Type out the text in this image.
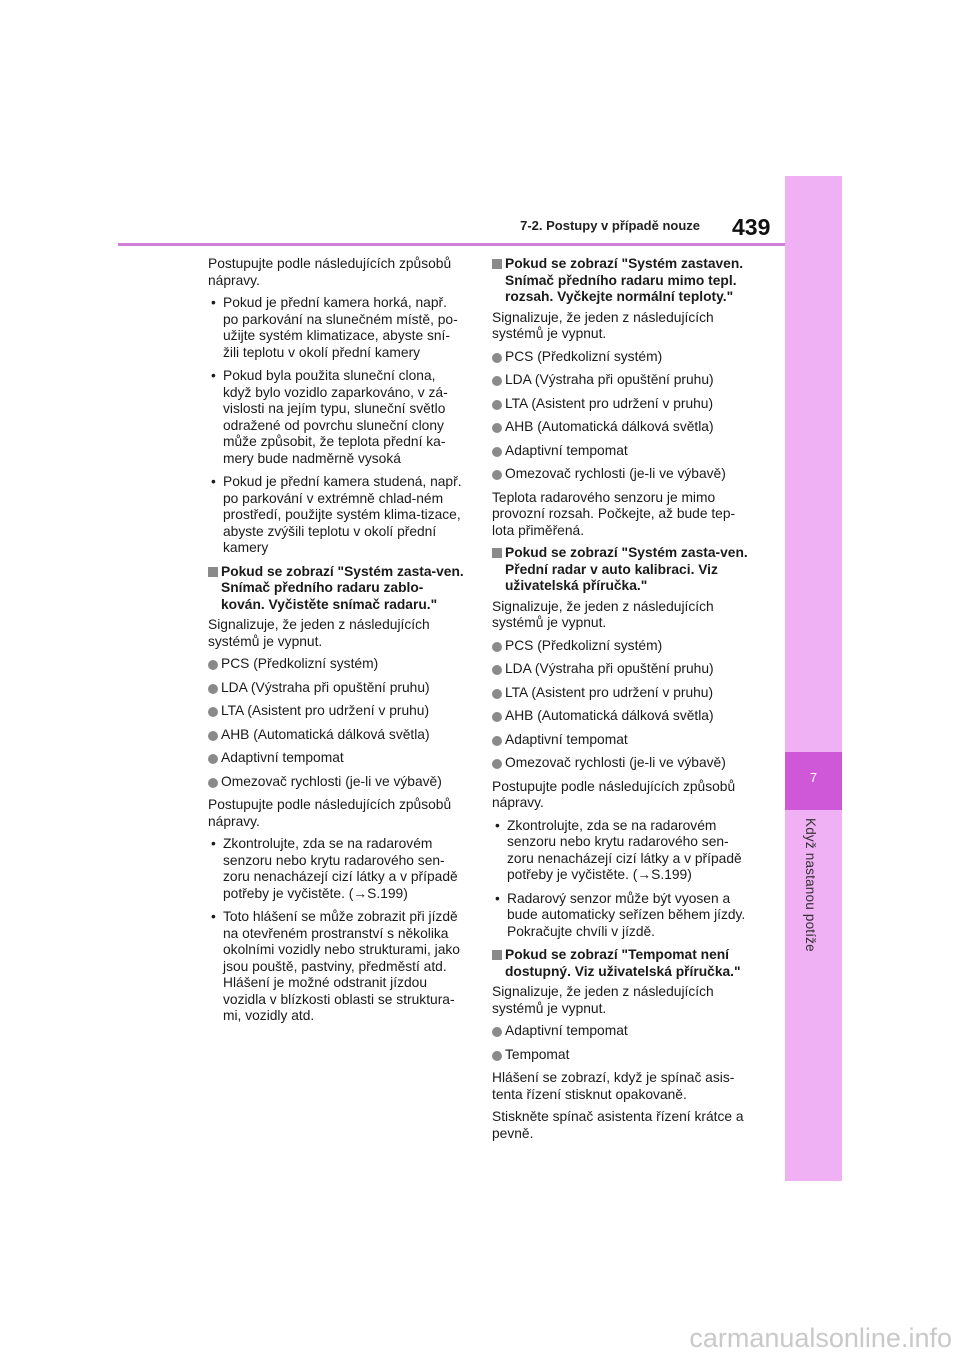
7
Když nastanou potíže
7-2. Postupy v případě nouze 439
Postupujte podle následujících způsobů nápravy.
• Pokud je přední kamera horká, např. po parkování na slunečném místě, po-užijte systém klimatizace, abyste sní-žili teplotu v okolí přední kamery
• Pokud byla použita sluneční clona, když bylo vozidlo zaparkováno, v zá-vislosti na jejím typu, sluneční světlo odražené od povrchu sluneční clony může způsobit, že teplota přední ka-mery bude nadměrně vysoká
• Pokud je přední kamera studená, např. po parkování v extrémně chlad-ném prostředí, použijte systém klima-tizace, abyste zvýšili teplotu v okolí přední kamery
Pokud se zobrazí "Systém zasta-ven. Snímač předního radaru zablo-kován. Vyčistěte snímač radaru."
Signalizuje, že jeden z následujících systémů je vypnut.
PCS (Předkolizní systém)
LDA (Výstraha při opuštění pruhu)
LTA (Asistent pro udržení v pruhu)
AHB (Automatická dálková světla)
Adaptivní tempomat
Omezovač rychlosti (je-li ve výbavě)
Postupujte podle následujících způsobů nápravy.
• Zkontrolujte, zda se na radarovém senzoru nebo krytu radarového sen-zoru nenacházejí cizí látky a v případě potřeby je vyčistěte. (→S.199)
• Toto hlášení se může zobrazit při jízdě na otevřeném prostranství s několika okolními vozidly nebo strukturami, jako jsou pouště, pastviny, předměstí atd. Hlášení je možné odstranit jízdou vozidla v blízkosti oblasti se struktura-mi, vozidly atd.
Pokud se zobrazí "Systém zastaven. Snímač předního radaru mimo tepl. rozsah. Vyčkejte normální teploty."
Signalizuje, že jeden z následujících systémů je vypnut.
PCS (Předkolizní systém)
LDA (Výstraha při opuštění pruhu)
LTA (Asistent pro udržení v pruhu)
AHB (Automatická dálková světla)
Adaptivní tempomat
Omezovač rychlosti (je-li ve výbavě)
Teplota radarového senzoru je mimo provozní rozsah. Počkejte, až bude tep-lota přiměřená.
Pokud se zobrazí "Systém zasta-ven. Přední radar v auto kalibraci. Viz uživatelská příručka."
Signalizuje, že jeden z následujících systémů je vypnut.
PCS (Předkolizní systém)
LDA (Výstraha při opuštění pruhu)
LTA (Asistent pro udržení v pruhu)
AHB (Automatická dálková světla)
Adaptivní tempomat
Omezovač rychlosti (je-li ve výbavě)
Postupujte podle následujících způsobů nápravy.
• Zkontrolujte, zda se na radarovém senzoru nebo krytu radarového sen-zoru nenacházejí cizí látky a v případě potřeby je vyčistěte. (→S.199)
• Radarový senzor může být vyosen a bude automaticky seřízen během jízdy. Pokračujte chvíli v jízdě.
Pokud se zobrazí "Tempomat není dostupný. Viz uživatelská příručka."
Signalizuje, že jeden z následujících systémů je vypnut.
Adaptivní tempomat
Tempomat
Hlášení se zobrazí, když je spínač asis-tenta řízení stisknut opakovaně.
Stiskněte spínač asistenta řízení krátce a pevně.
carmanualsonline.info
